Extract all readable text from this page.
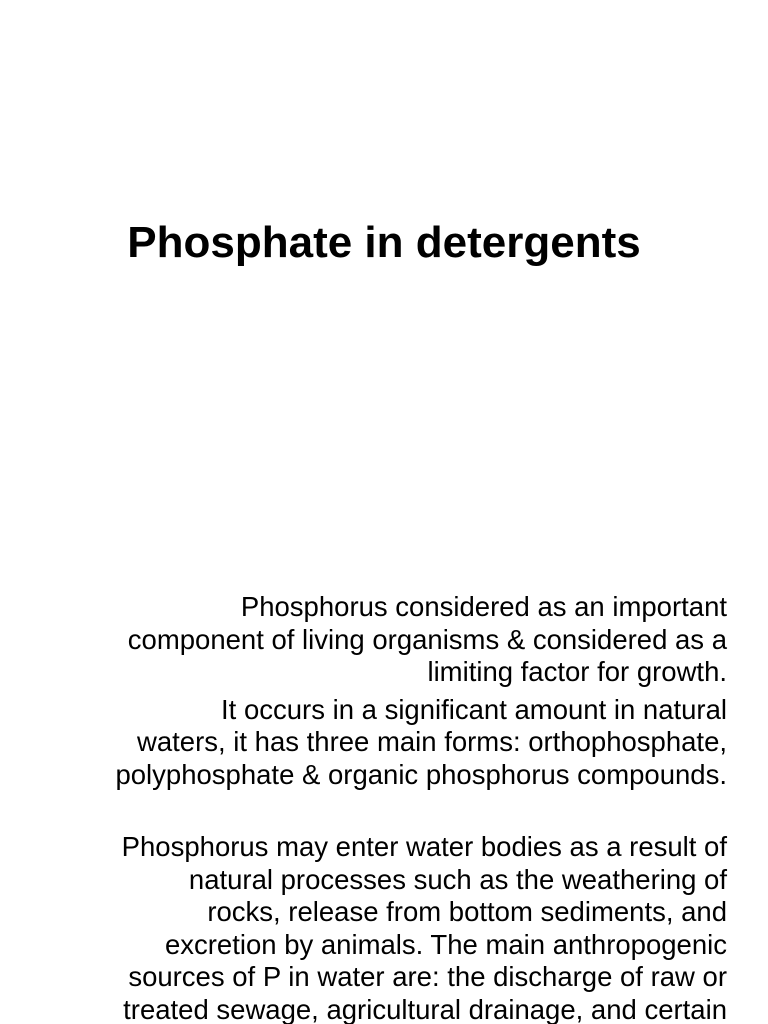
Phosphate in detergents

Phosphorus considered as an important
component of living organisms & considered as a
limiting factor for growth.

It occurs in a significant amount in natural
waters, it has three main forms: orthophosphate,
polyphosphate & organic phosphorus compounds.

Phosphorus may enter water bodies as a result of
natural processes such as the weathering of
rocks, release from bottom sediments, and
excretion by animals. The main anthropogenic
sources of P in water are: the discharge of raw or
treated sewage, agricultural drainage, and certain
